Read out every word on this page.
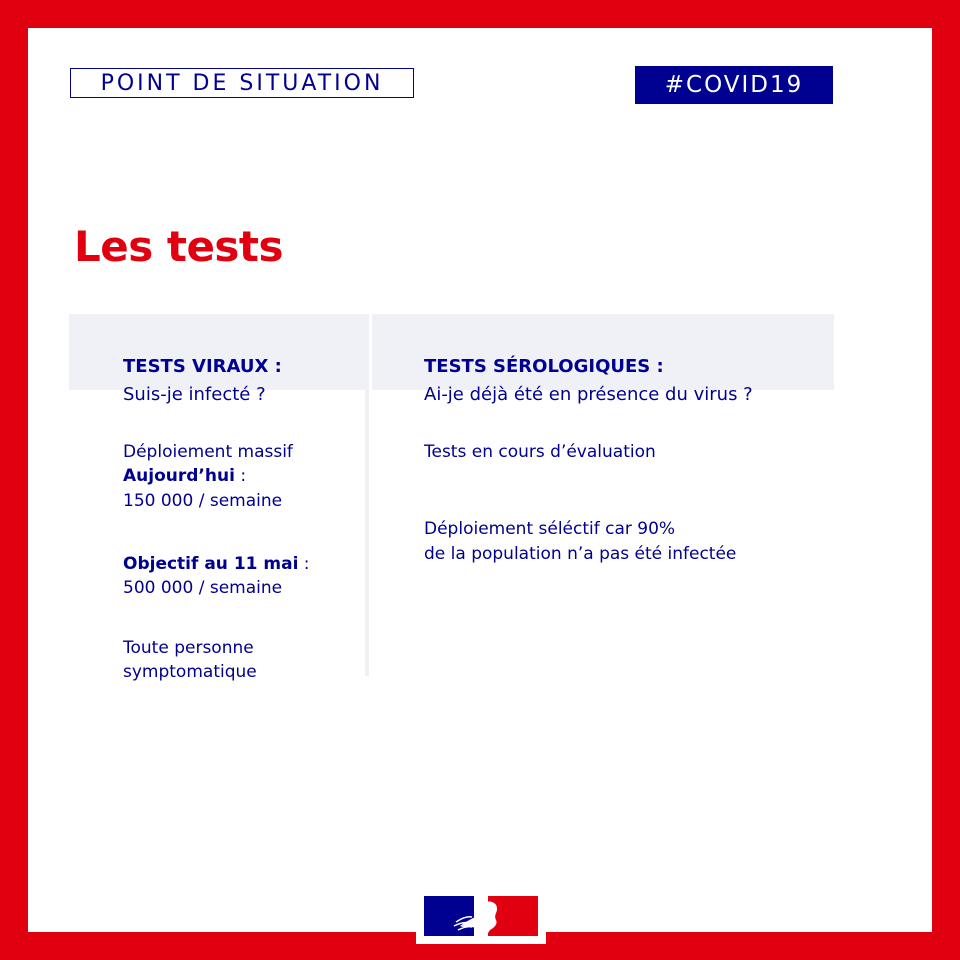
POINT DE SITUATION	#COVID19
Les tests
TESTS VIRAUX :
Suis-je infecté ?
TESTS SÉROLOGIQUES :
Ai-je déjà été en présence du virus ?
Déploiement massif
Aujourd’hui :
150 000 / semaine
Objectif au 11 mai :
500 000 / semaine
Toute personne
symptomatique
Tests en cours d’évaluation
Déploiement séléctif car 90%
de la population n’a pas été infectée
